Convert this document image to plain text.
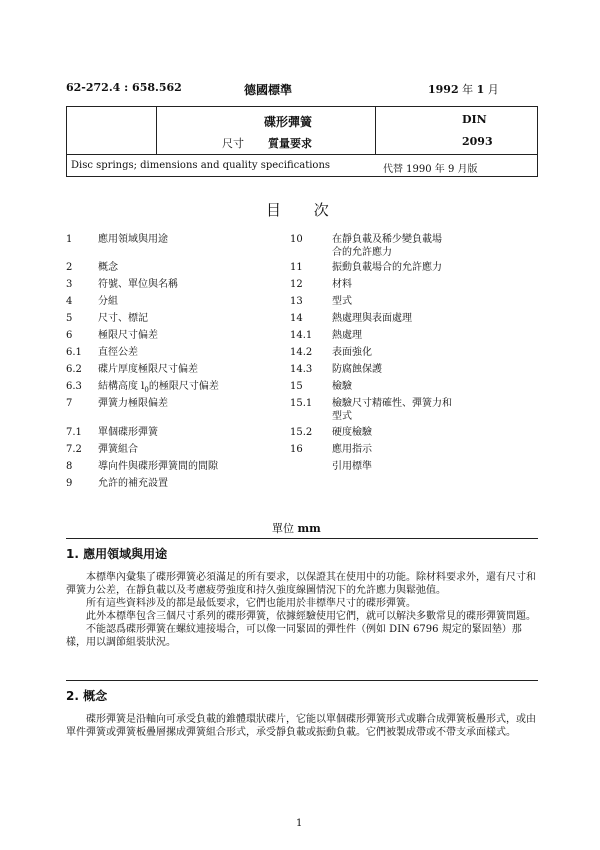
62-272.4 : 658.562	德國標準	1992 年 1 月
碟形彈簧
尺寸 質量要求
DIN
2093
Disc springs; dimensions and quality specifications	代替 1990 年 9 月版
目 次
1	應用領域與用途
2	概念
3	符號、單位與名稱
4	分組
5	尺寸、標記
6	極限尺寸偏差
6.1 直徑公差
6.2 碟片厚度極限尺寸偏差
6.3 結構高度 $l_0$的極限尺寸偏差
7	彈簧力極限偏差
7.1 單個碟形彈簧
7.2 彈簧組合
8	導向件與碟形彈簧間的間隙
9	允許的補充設置
10	在靜負載及稀少變負載場
合的允許應力
11	振動負載場合的允許應力
12	材料
13	型式
14	熱處理與表面處理
14.1 熱處理
14.2 表面強化
14.3 防腐蝕保護
15	檢驗
15.1 檢驗尺寸精確性、彈簧力和
型式
15.2 硬度檢驗
16	應用指示
引用標準
單位 mm
1. 應用領域與用途

本標準內彙集了碟形彈簧必須滿足的所有要求，以保證其在使用中的功能。除材料要求外，還有尺寸和彈簧力公差，在靜負載以及考慮疲勞強度和持久強度線圖情況下的允許應力與鬆弛值。

所有這些資料涉及的都是最低要求，它們也能用於非標準尺寸的碟形彈簧。

此外本標準包含三個尺寸系列的碟形彈簧，依據經驗使用它們，就可以解決多數常見的碟形彈簧問題。

不能認爲碟形彈簧在螺紋連接場合，可以像一同緊固的彈性件（例如 DIN 6796 規定的緊固墊）那樣，用以調節組裝狀況。

2. 概念

碟形彈簧是沿軸向可承受負載的錐體環狀碟片，它能以單個碟形彈簧形式或聯合成彈簧板疊形式，或由單件彈簧或彈簧板疊層摞成彈簧組合形式，承受靜負載或振動負載。它們被製成帶或不帶支承面樣式。

1
